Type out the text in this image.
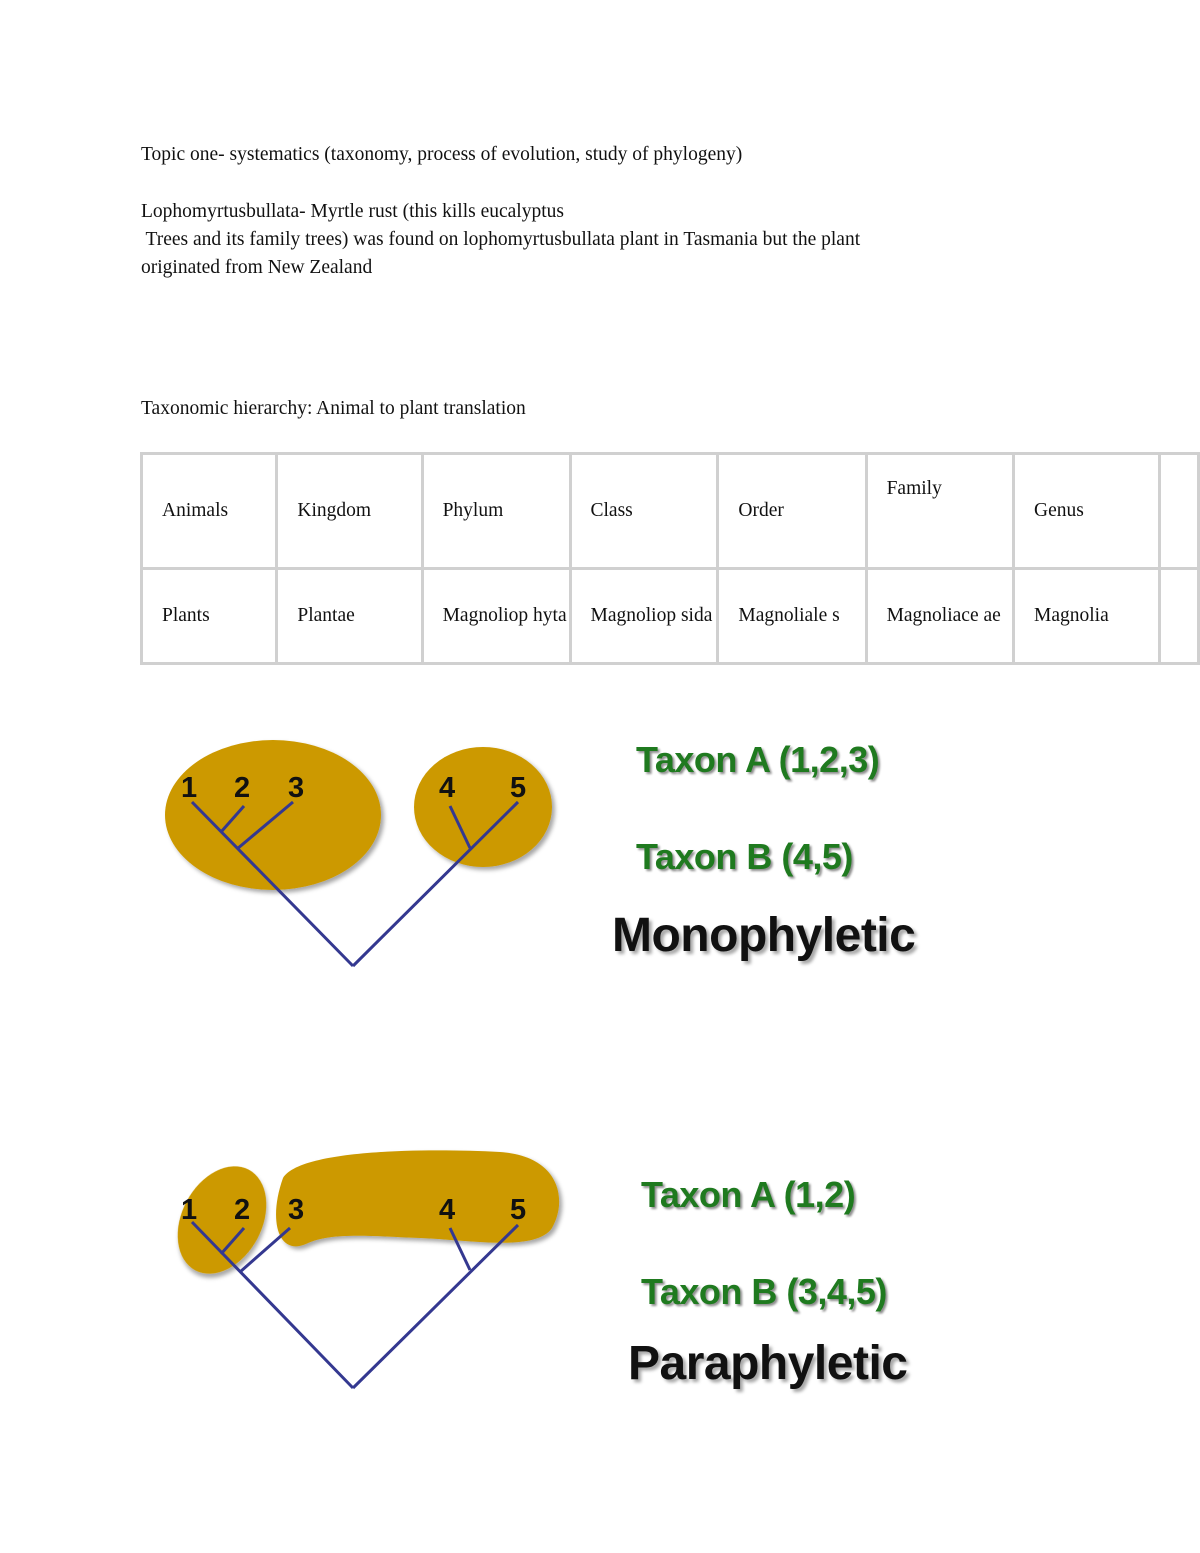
Topic one- systematics (taxonomy, process of evolution, study of phylogeny)

Lophomyrtusbullata- Myrtle rust (this kills eucalyptus
Trees and its family trees) was found on lophomyrtusbullata plant in Tasmania but the plant
originated from New Zealand

Taxonomic hierarchy: Animal to plant translation

Animals	Kingdom	Phylum	Class	Order	Family	Genus	
Plants	Plantae	Magnoliop hyta	Magnoliop sida	Magnoliale s	Magnoliace ae	Magnolia	
1 2 3	4 5
1 2 3	4 5
Taxon A (1,2,3)
Taxon B (4,5)
Monophyletic
Taxon A (1,2)
Taxon B (3,4,5)
Paraphyletic
